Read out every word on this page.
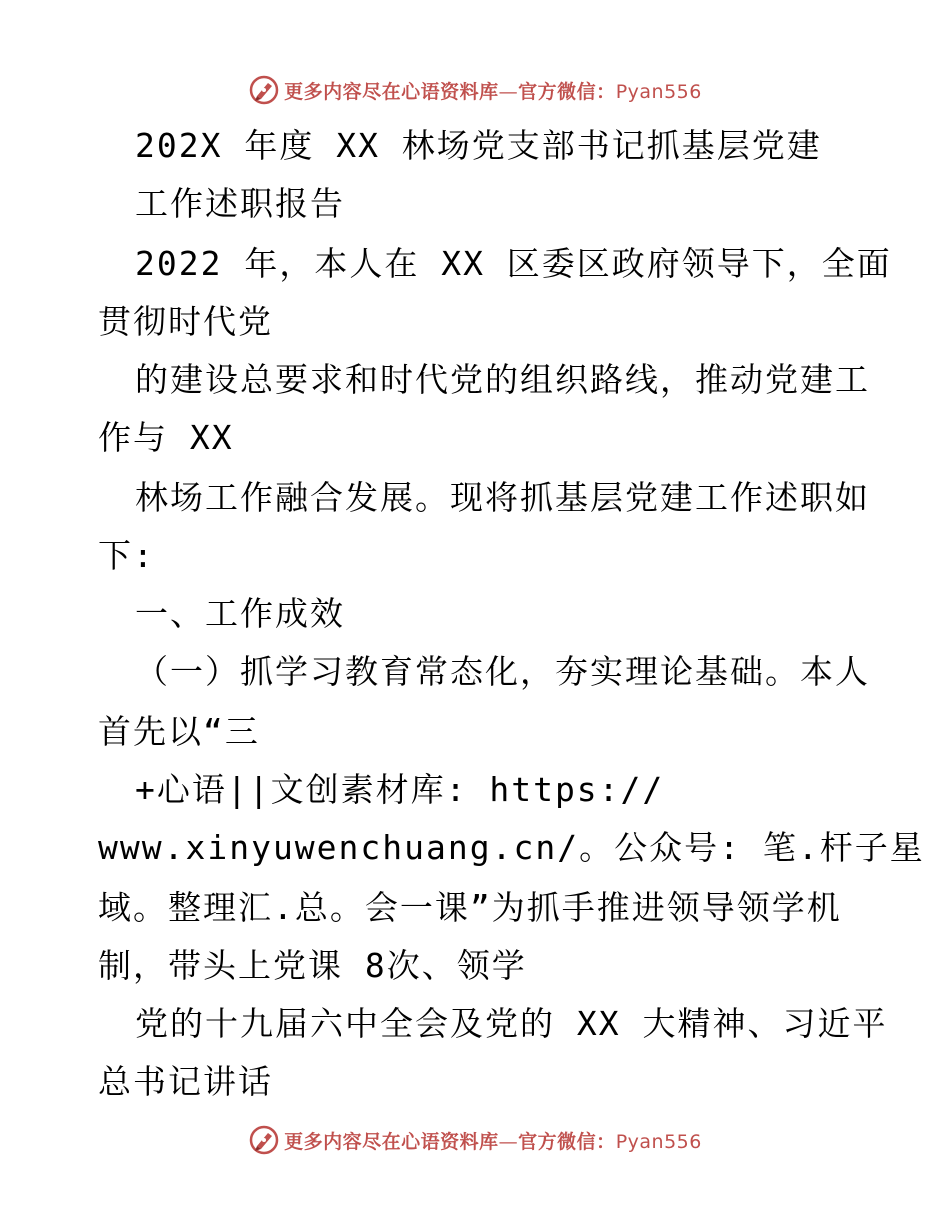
更多内容尽在心语资料库—官方微信：Pyan556
202X 年度 XX 林场党支部书记抓基层党建
工作述职报告
2022 年，本人在 XX 区委区政府领导下，全面
贯彻时代党
的建设总要求和时代党的组织路线，推动党建工
作与 XX
林场工作融合发展。现将抓基层党建工作述职如
下:
一、工作成效
（一）抓学习教育常态化，夯实理论基础。本人
首先以“三
+心语||文创素材库: https://
www.xinyuwenchuang.cn/。公众号: 笔.杆子星
域。整理汇.总。会一课”为抓手推进领导领学机
制，带头上党课 8次、领学
党的十九届六中全会及党的 XX 大精神、习近平
总书记讲话
更多内容尽在心语资料库—官方微信：Pyan556
